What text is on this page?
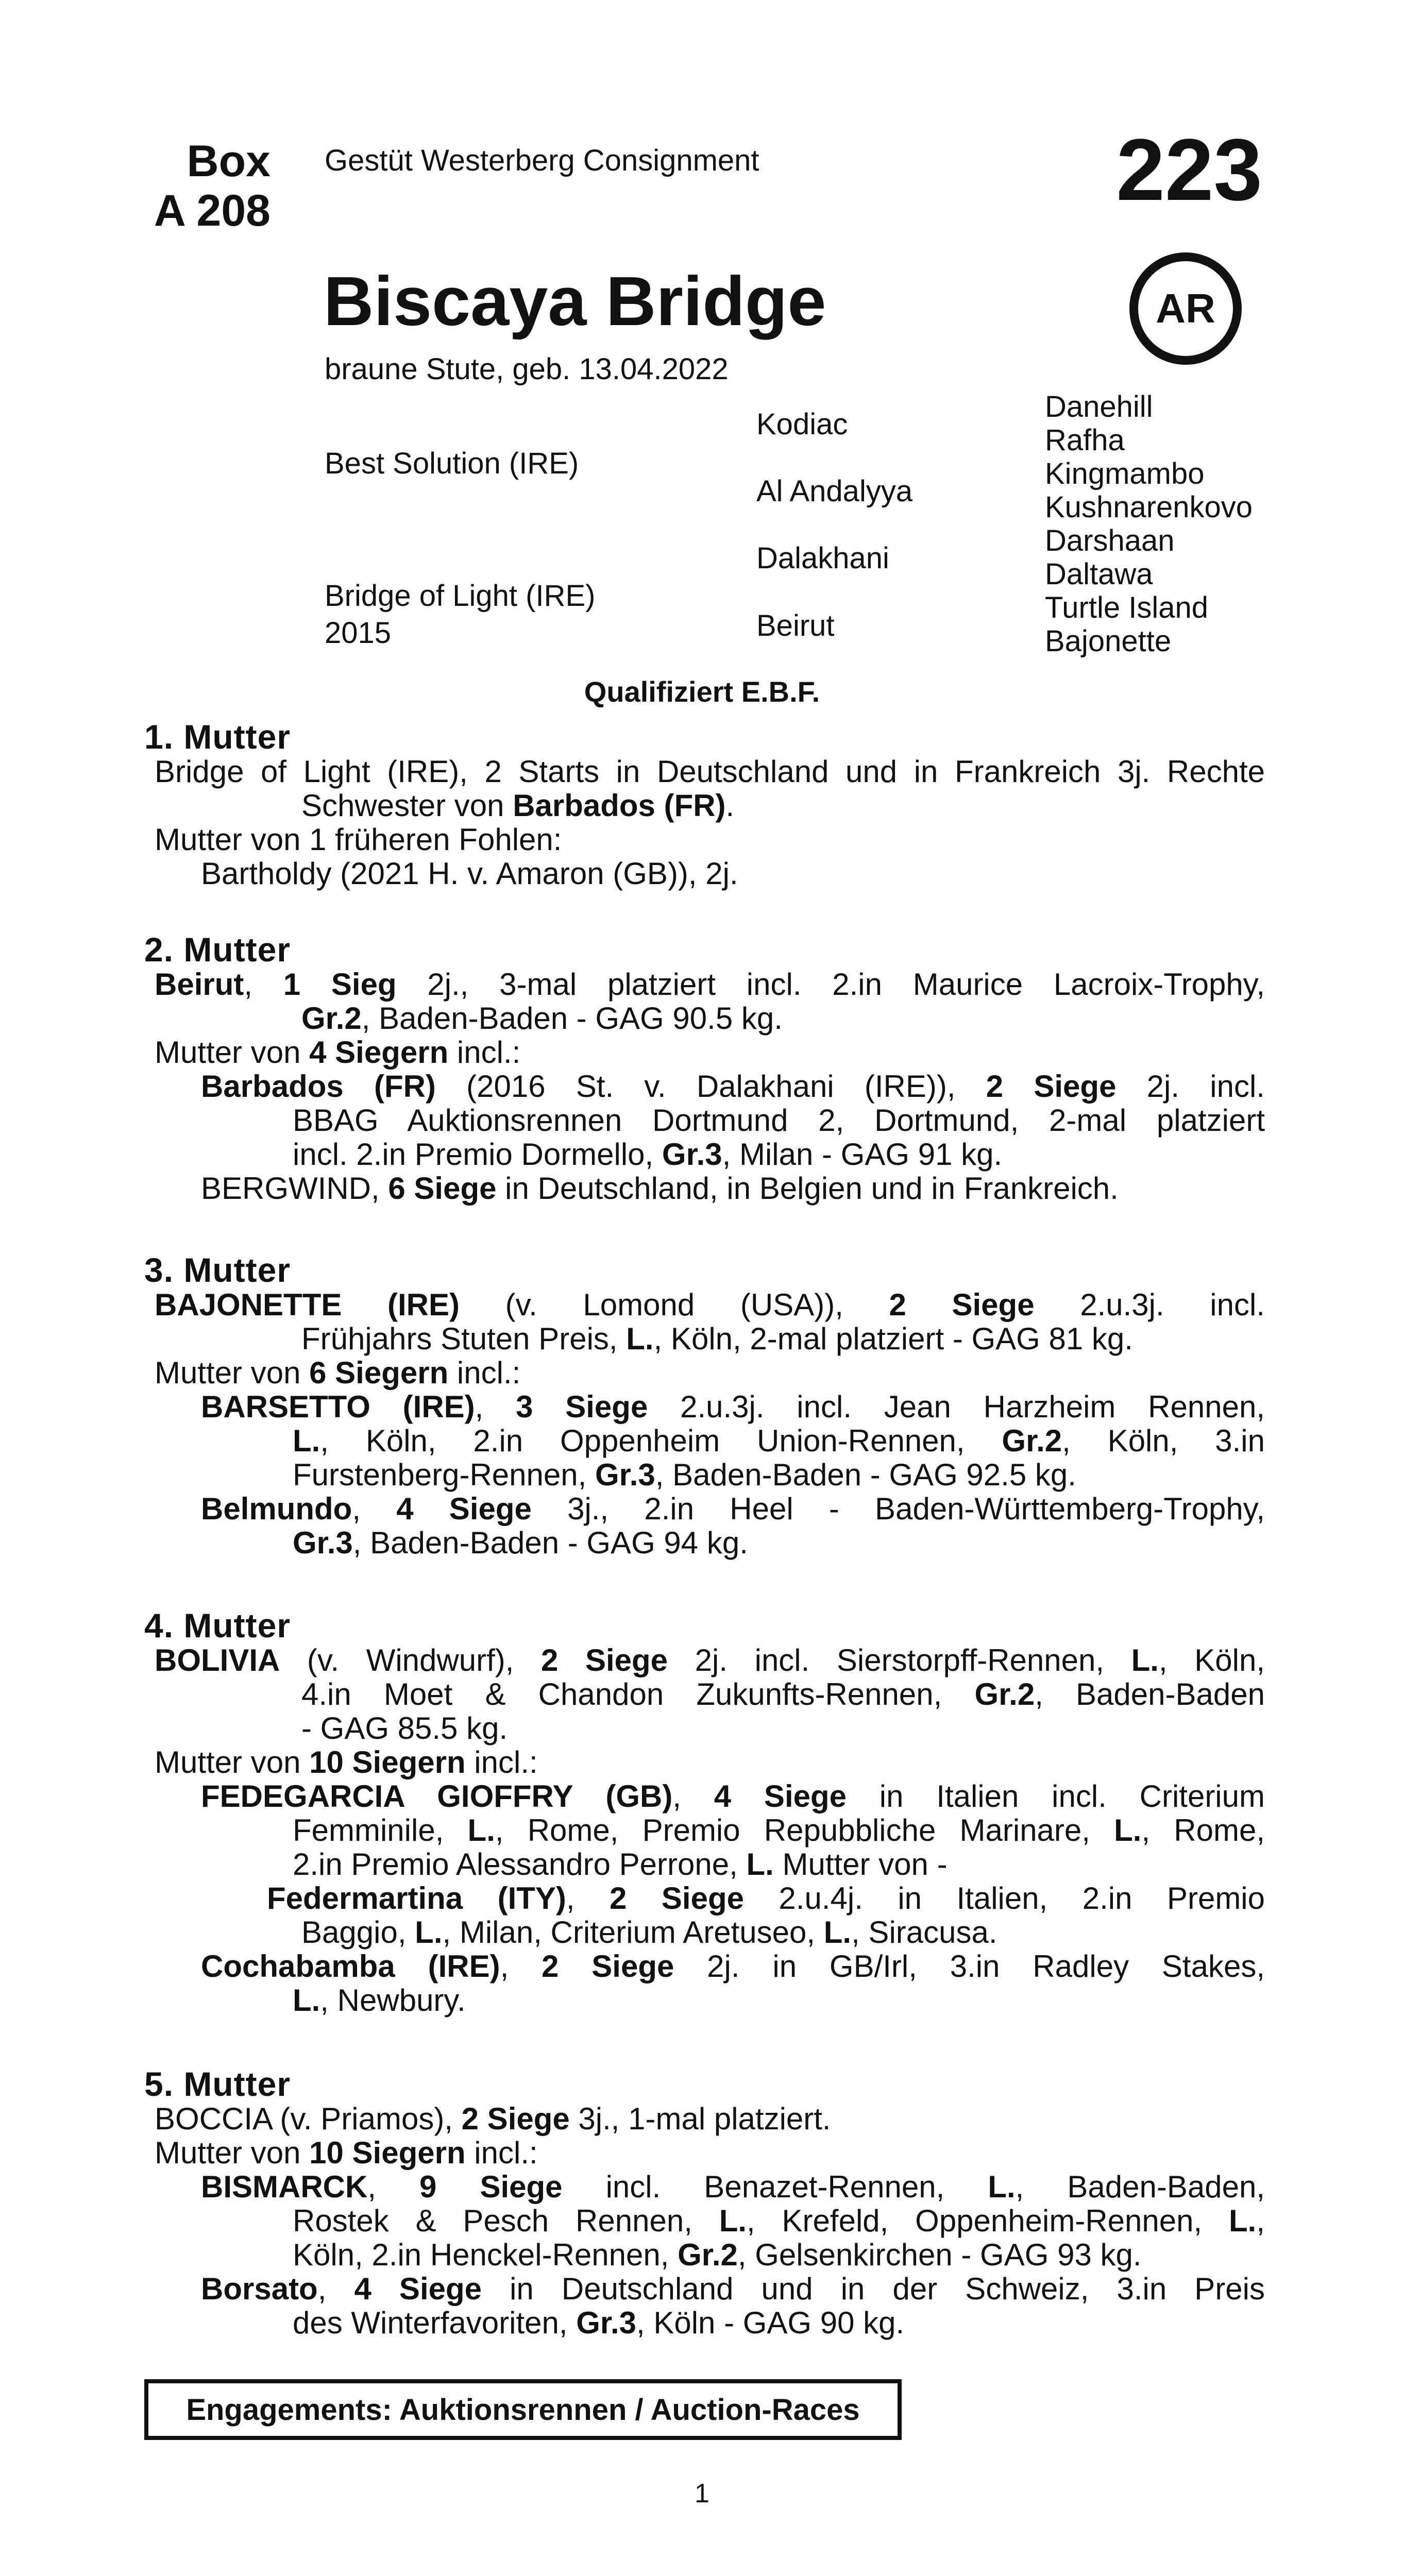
Box
A 208
Gestüt Westerberg Consignment	223
AR
Biscaya Bridge
braune Stute, geb. 13.04.2022
Best Solution (IRE)
Bridge of Light (IRE)
2015
Kodiac
Al Andalyya
Dalakhani
Beirut
Danehill
Rafha
Kingmambo
Kushnarenkovo
Darshaan
Daltawa
Turtle Island
Bajonette
Qualifiziert E.B.F.
1. Mutter
Bridge of Light (IRE), 2 Starts in Deutschland und in Frankreich 3j. Rechte
Schwester von Barbados (FR).
Mutter von 1 früheren Fohlen:
Bartholdy (2021 H. v. Amaron (GB)), 2j.
2. Mutter
Beirut, 1 Sieg 2j., 3-mal platziert incl. 2.in Maurice Lacroix-Trophy,
Gr.2, Baden-Baden - GAG 90.5 kg.
Mutter von 4 Siegern incl.:
Barbados (FR) (2016 St. v. Dalakhani (IRE)), 2 Siege 2j. incl.
BBAG Auktionsrennen Dortmund 2, Dortmund, 2-mal platziert
incl. 2.in Premio Dormello, Gr.3, Milan - GAG 91 kg.
BERGWIND, 6 Siege in Deutschland, in Belgien und in Frankreich.
3. Mutter
BAJONETTE (IRE) (v. Lomond (USA)), 2 Siege 2.u.3j. incl.
Frühjahrs Stuten Preis, L., Köln, 2-mal platziert - GAG 81 kg.
Mutter von 6 Siegern incl.:
BARSETTO (IRE), 3 Siege 2.u.3j. incl. Jean Harzheim Rennen,
L., Köln, 2.in Oppenheim Union-Rennen, Gr.2, Köln, 3.in
Furstenberg-Rennen, Gr.3, Baden-Baden - GAG 92.5 kg.
Belmundo, 4 Siege 3j., 2.in Heel - Baden-Württemberg-Trophy,
Gr.3, Baden-Baden - GAG 94 kg.
4. Mutter
BOLIVIA (v. Windwurf), 2 Siege 2j. incl. Sierstorpff-Rennen, L., Köln,
4.in Moet & Chandon Zukunfts-Rennen, Gr.2, Baden-Baden
- GAG 85.5 kg.
Mutter von 10 Siegern incl.:
FEDEGARCIA GIOFFRY (GB), 4 Siege in Italien incl. Criterium
Femminile, L., Rome, Premio Repubbliche Marinare, L., Rome,
2.in Premio Alessandro Perrone, L. Mutter von -
Federmartina (ITY), 2 Siege 2.u.4j. in Italien, 2.in Premio
Baggio, L., Milan, Criterium Aretuseo, L., Siracusa.
Cochabamba (IRE), 2 Siege 2j. in GB/Irl, 3.in Radley Stakes,
L., Newbury.
5. Mutter
BOCCIA (v. Priamos), 2 Siege 3j., 1-mal platziert.
Mutter von 10 Siegern incl.:
BISMARCK, 9 Siege incl. Benazet-Rennen, L., Baden-Baden,
Rostek & Pesch Rennen, L., Krefeld, Oppenheim-Rennen, L.,
Köln, 2.in Henckel-Rennen, Gr.2, Gelsenkirchen - GAG 93 kg.
Borsato, 4 Siege in Deutschland und in der Schweiz, 3.in Preis
des Winterfavoriten, Gr.3, Köln - GAG 90 kg.
Engagements: Auktionsrennen / Auction-Races
1
